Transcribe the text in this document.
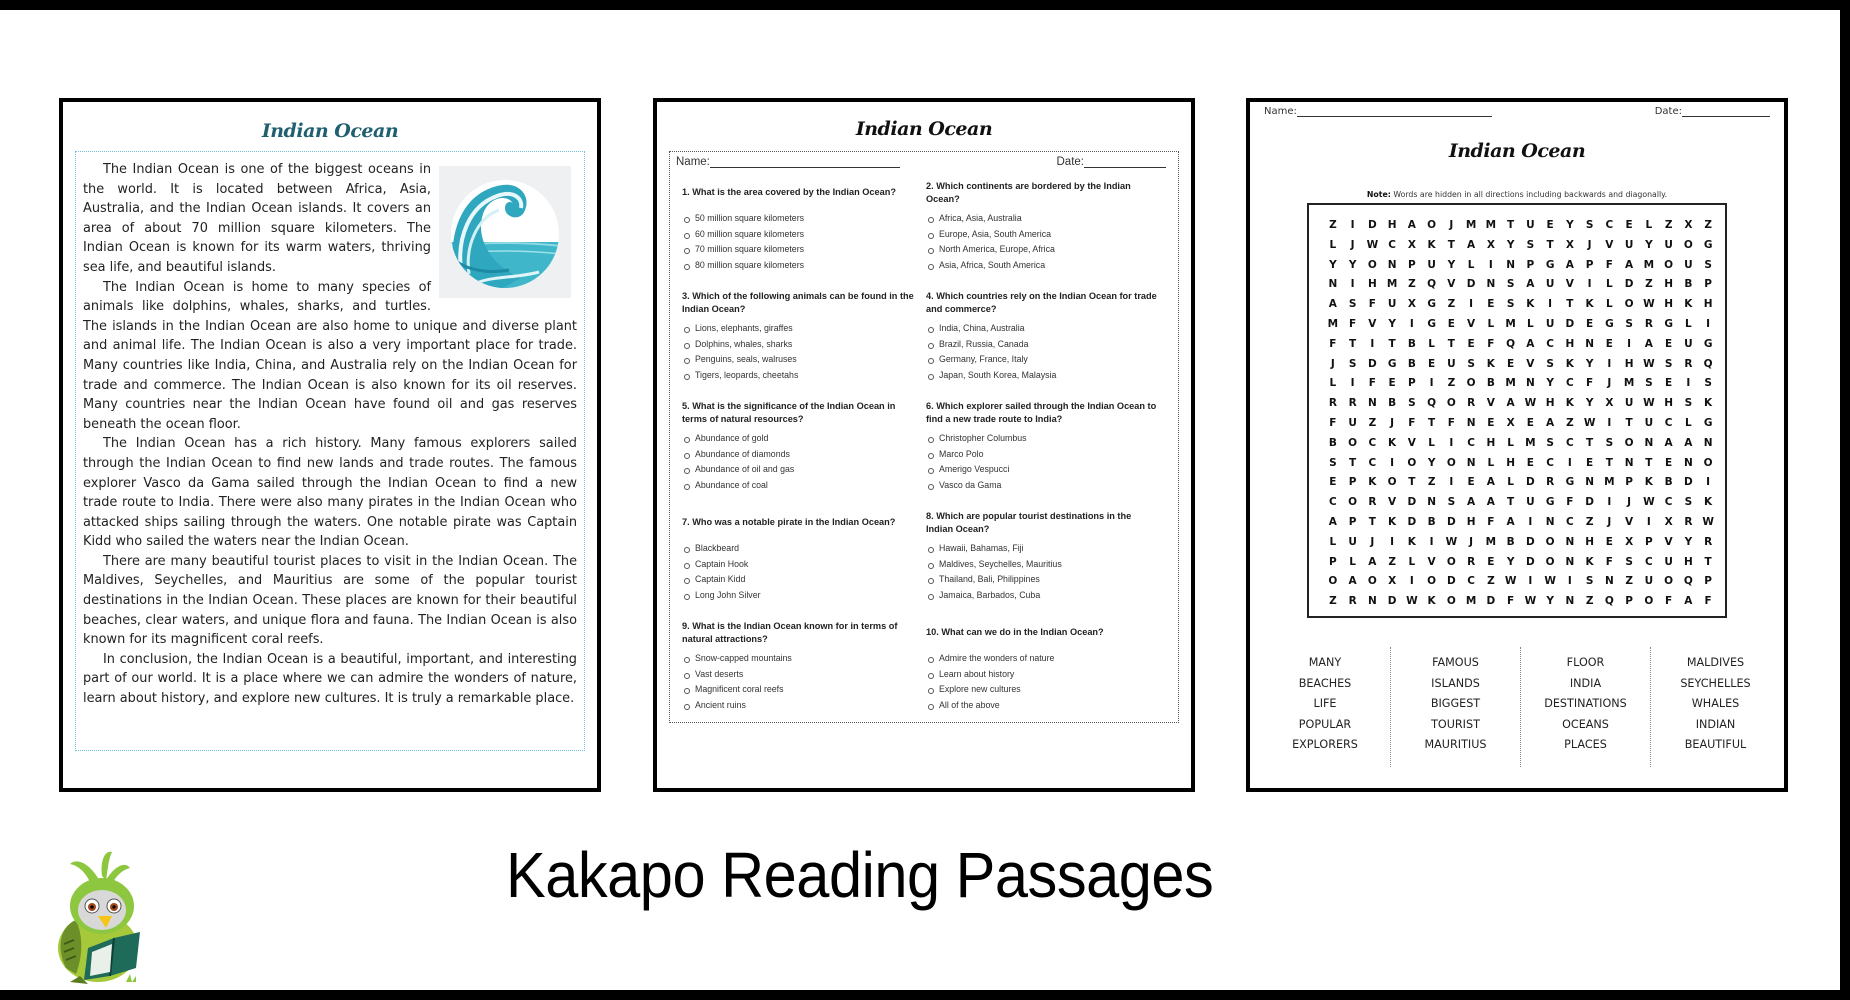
Indian Ocean

The Indian Ocean is one of the biggest oceans in the world. It is located between Africa, Asia, Australia, and the Indian Ocean islands. It covers an area of about 70 million square kilometers. The Indian Ocean is known for its warm waters, thriving sea life, and beautiful islands.

The Indian Ocean is home to many species of animals like dolphins, whales, sharks, and turtles. The islands in the Indian Ocean are also home to unique and diverse plant and animal life. The Indian Ocean is also a very important place for trade. Many countries like India, China, and Australia rely on the Indian Ocean for trade and commerce. The Indian Ocean is also known for its oil reserves. Many countries near the Indian Ocean have found oil and gas reserves beneath the ocean floor.

The Indian Ocean has a rich history. Many famous explorers sailed through the Indian Ocean to find new lands and trade routes. The famous explorer Vasco da Gama sailed through the Indian Ocean to find a new trade route to India. There were also many pirates in the Indian Ocean who attacked ships sailing through the waters. One notable pirate was Captain Kidd who sailed the waters near the Indian Ocean.

There are many beautiful tourist places to visit in the Indian Ocean. The Maldives, Seychelles, and Mauritius are some of the popular tourist destinations in the Indian Ocean. These places are known for their beautiful beaches, clear waters, and unique flora and fauna. The Indian Ocean is also known for its magnificent coral reefs.

In conclusion, the Indian Ocean is a beautiful, important, and interesting part of our world. It is a place where we can admire the wonders of nature, learn about history, and explore new cultures. It is truly a remarkable place.

Indian Ocean
Name:	Date:
1. What is the area covered by the Indian Ocean?
50 million square kilometers
60 million square kilometers
70 million square kilometers
80 million square kilometers
2. Which continents are bordered by the Indian Ocean?
Africa, Asia, Australia
Europe, Asia, South America
North America, Europe, Africa
Asia, Africa, South America
3. Which of the following animals can be found in the Indian Ocean?
Lions, elephants, giraffes
Dolphins, whales, sharks
Penguins, seals, walruses
Tigers, leopards, cheetahs
4. Which countries rely on the Indian Ocean for trade and commerce?
India, China, Australia
Brazil, Russia, Canada
Germany, France, Italy
Japan, South Korea, Malaysia
5. What is the significance of the Indian Ocean in terms of natural resources?
Abundance of gold
Abundance of diamonds
Abundance of oil and gas
Abundance of coal
6. Which explorer sailed through the Indian Ocean to find a new trade route to India?
Christopher Columbus
Marco Polo
Amerigo Vespucci
Vasco da Gama
7. Who was a notable pirate in the Indian Ocean?
Blackbeard
Captain Hook
Captain Kidd
Long John Silver
8. Which are popular tourist destinations in the Indian Ocean?
Hawaii, Bahamas, Fiji
Maldives, Seychelles, Mauritius
Thailand, Bali, Philippines
Jamaica, Barbados, Cuba
9. What is the Indian Ocean known for in terms of natural attractions?
Snow-capped mountains
Vast deserts
Magnificent coral reefs
Ancient ruins
10. What can we do in the Indian Ocean?
Admire the wonders of nature
Learn about history
Explore new cultures
All of the above
Name:	Date:
Indian Ocean
Note: Words are hidden in all directions including backwards and diagonally.
Z	I	D	H	A	O	J	M M	T	U	E	Y	S	C	E	L	Z	X	Z
L	J	W C	X	K	T	A	X	Y	S	T	X	J	V	U	Y	U	O	G
Y	Y	O	N	P	U	Y	L	I	N	P	G	A	P	F	A M O	U	S
N	I	H M	Z	Q	V	D	N	S	A	U	V	I	L	D	Z	H	B	P
A	S	F	U	X	G	Z	I	E	S	K	I	T	K	L	O W H	K	H
M	F	V	Y	I	G	E	V	L	M	L	U	D	E	G	S	R	G	L	I
F	T	I	T	B	L	T	E	F	Q	A	C	H	N	E	I	A	E	U	G
J	S	D	G	B	E	U	S	K	E	V	S	K	Y	I	H W S	R	Q
L	I	F	E	P	I	Z	O	B	M N	Y	C	F	J	M	S	E	I	S
R	R	N	B	S	Q	O	R	V	A W H	K	Y	X	U W H	S	K
F	U	Z	J	F	T	F	N	E	X	E	A	Z W	I	T	U	C	L	G
B	O	C	K	V	L	I	C	H	L	M	S	C	T	S	O	N	A	A	N
S	T	C	I	O	Y	O	N	L	H	E	C	I	E	T	N	T	E	N	O
E	P	K	O	T	Z	I	E	A	L	D	R	G	N M	P	K	B	D	I
C	O	R	V	D	N	S	A	A	T	U	G	F	D	I	J	W C	S	K
A	P	T	K	D	B	D	H	F	A	I	N	C	Z	J	V	I	X	R W
L	U	J	I	K	I	W	J	M	B	D	O	N	H	E	X	P	V	Y	R
P	L	A	Z	L	V	O	R	E	Y	D	O	N	K	F	S	C	U	H	T
O	A	O	X	I	O	D	C	Z W	I	W	I	S	N	Z	U	O	Q	P
Z	R	N	D W K	O M D	F W Y	N	Z	Q	P	O	F	A	F
MANY
BEACHES
LIFE
POPULAR
EXPLORERS
FAMOUS
ISLANDS
BIGGEST
TOURIST
MAURITIUS
FLOOR
INDIA
DESTINATIONS
OCEANS
PLACES
MALDIVES
SEYCHELLES
WHALES
INDIAN
BEAUTIFUL
Kakapo Reading Passages
